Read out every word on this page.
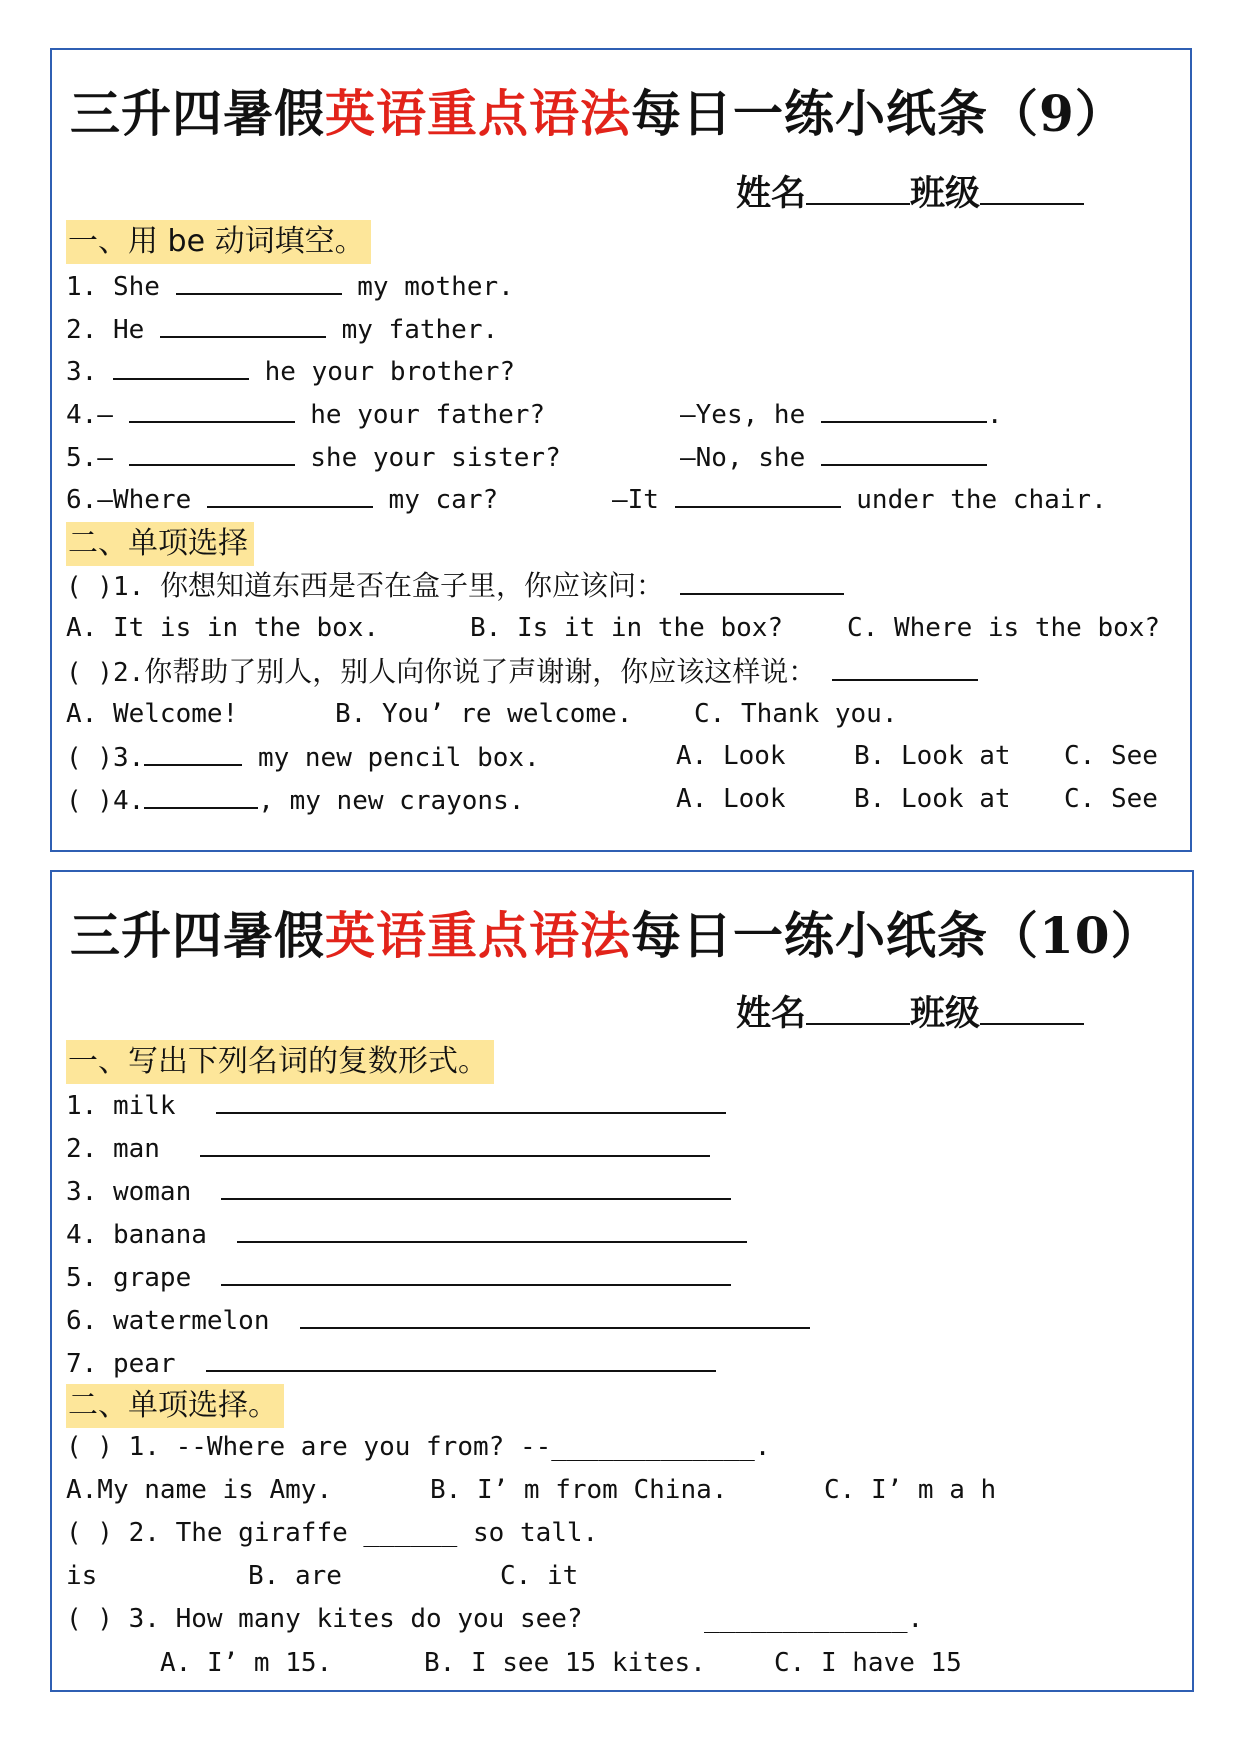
三升四暑假英语重点语法每日一练小纸条（9）
姓名	班级
一、用 be 动词填空。
1. She	my mother.
2. He	my father.
3.	he your brother?
4.—	he your father?	—Yes, he	.
5.—	she your sister?	—No, she
6.—Where	my car?	—It	under the chair.
二、单项选择
( )1. 你想知道东西是否在盒子里，你应该问：
A. It is in the box.	B. Is it in the box? C. Where is the box?
( )2.你帮助了别人，别人向你说了声谢谢，你应该这样说：
A. Welcome!	B. You’ re welcome. C. Thank you.
( )3.	my new pencil box.	A. Look	B. Look at C. See
( )4.	, my new crayons.	A. Look	B. Look at C. See
三升四暑假英语重点语法每日一练小纸条（10）
姓名	班级
一、写出下列名词的复数形式。
1. milk
2. man
3. woman
4. banana
5. grape
6. watermelon
7. pear
二、单项选择。
( ) 1. --Where are you from? --_____________.
A.My name is Amy.	B. I’ m from China.	C. I’ m a h
( ) 2. The giraffe ______ so tall.
is	B. are	C. it
( ) 3. How many kites do you see?	_____________.
A. I’ m 15.	B. I see 15 kites.	C. I have 15
